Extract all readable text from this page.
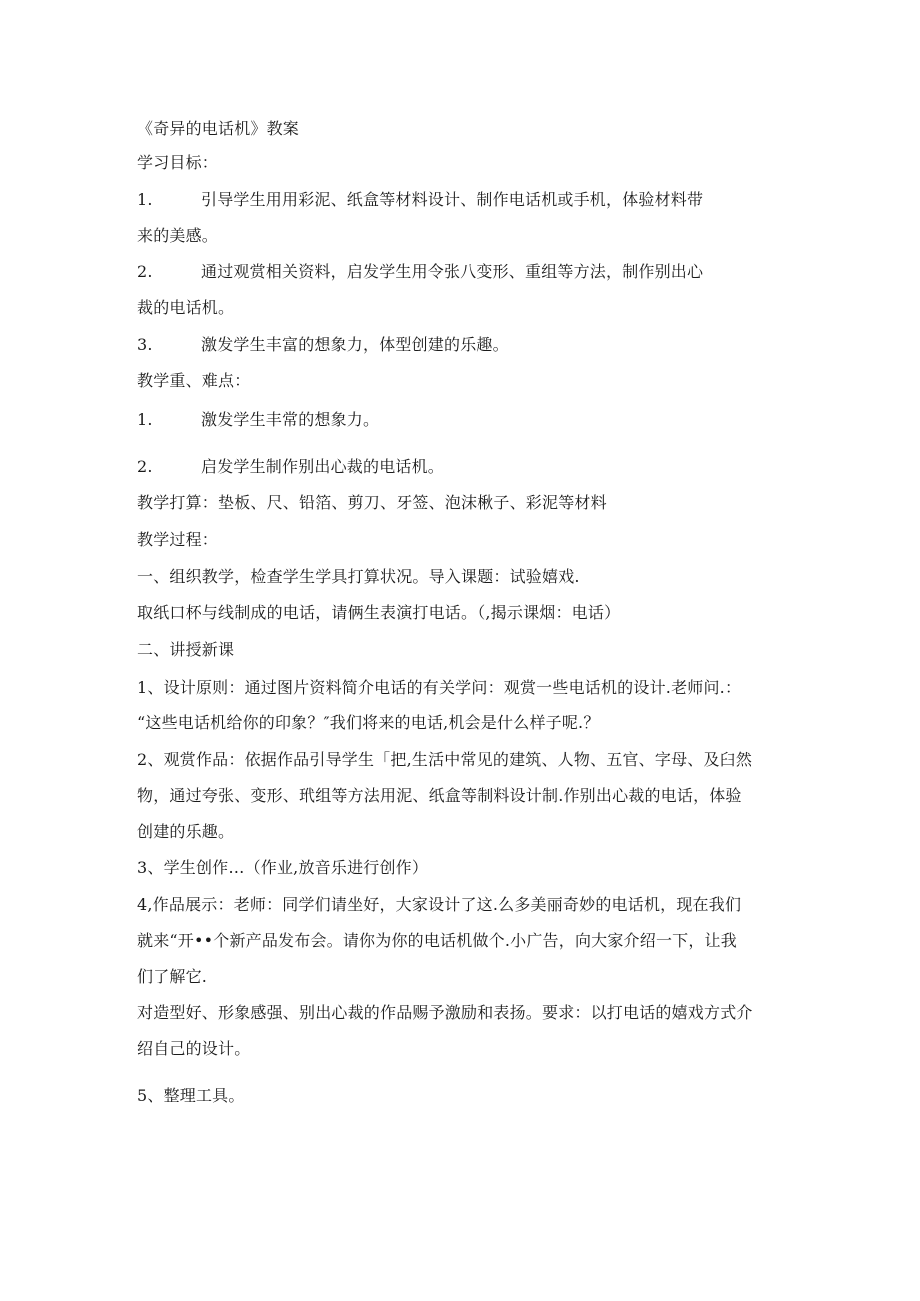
《奇异的电话机》教案
学习目标：
1.	引导学生用用彩泥、纸盒等材料设计、制作电话机或手机，体验材料带
来的美感。
2.	通过观赏相关资料，启发学生用令张八变形、重组等方法，制作别出心
裁的电话机。
3.	激发学生丰富的想象力，体型创建的乐趣。
教学重、难点：
1.	激发学生丰常的想象力。
2.	启发学生制作别出心裁的电话机。
教学打算：垫板、尺、铅箔、剪刀、牙签、泡沫楸子、彩泥等材料
教学过程：
一、组织教学，检查学生学具打算状况。导入课题：试验嬉戏.
取纸口杯与线制成的电话，请俩生表演打电话。（,揭示课烟：电话）
二、讲授新课
1、设计原则：通过图片资料简介电话的有关学问：观赏一些电话机的设计.老师问.：
“这些电话机给你的印象？″我们将来的电话,机会是什么样子呢.？
2、观赏作品：依据作品引导学生「把,生活中常见的建筑、人物、五官、字母、及臼然
物，通过夸张、变形、玳组等方法用泥、纸盒等制料设计制.作别出心裁的电话，体验
创建的乐趣。
3、学生创作…（作业,放音乐进行创作）
4,作品展示：老师：同学们请坐好，大家设计了这.么多美丽奇妙的电话机，现在我们
就来“开••个新产品发布会。请你为你的电话机做个.小广告，向大家介绍一下，让我
们了解它.
对造型好、形象感强、别出心裁的作品赐予激励和表扬。要求：以打电话的嬉戏方式介
绍自己的设计。
5、整理工具。
